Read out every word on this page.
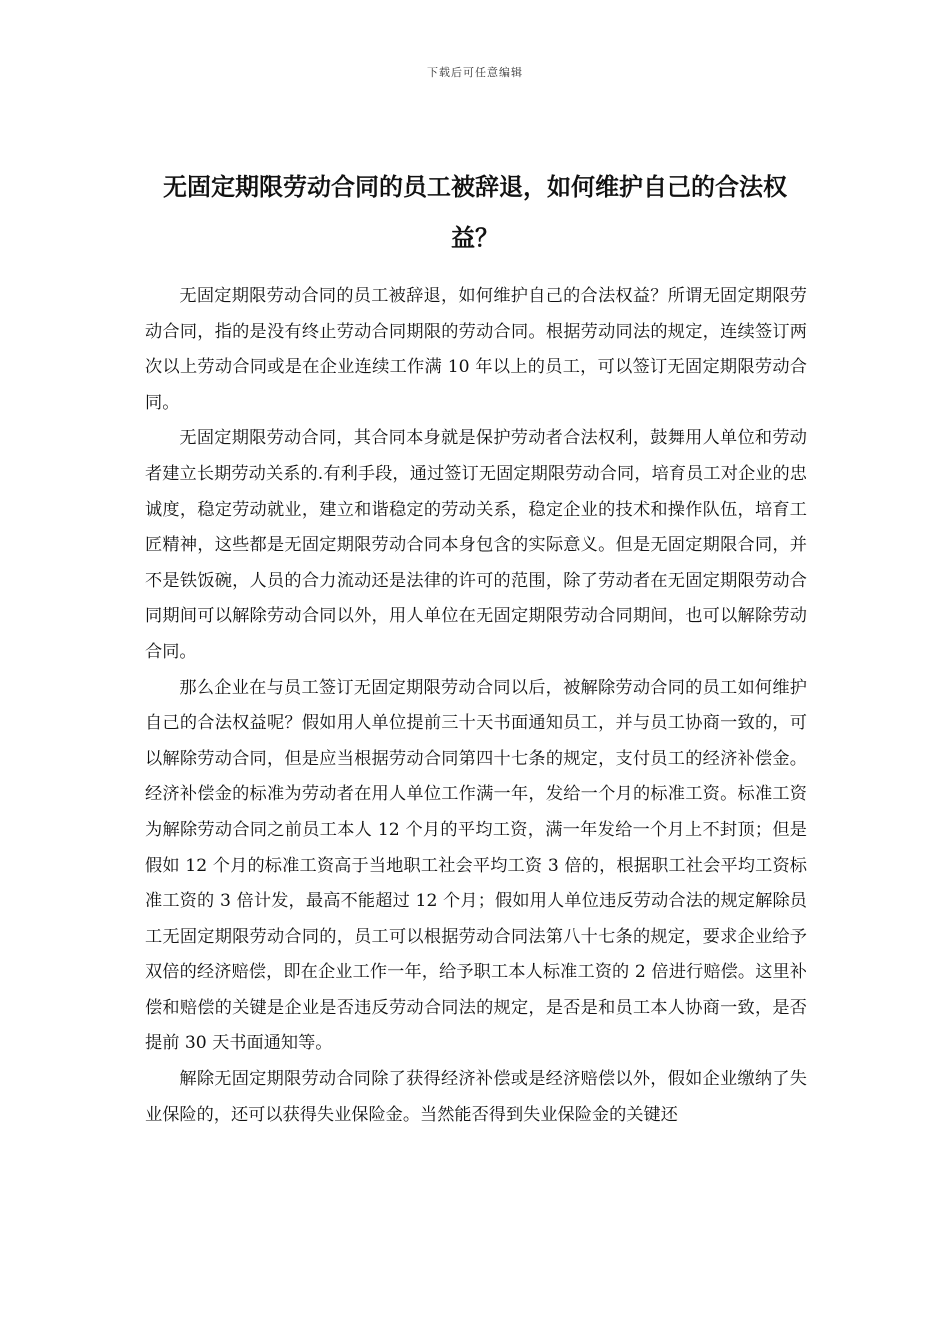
下载后可任意编辑
无固定期限劳动合同的员工被辞退，如何维护自己的合法权益？

无固定期限劳动合同的员工被辞退，如何维护自己的合法权益？所谓无固定期限劳动合同，指的是没有终止劳动合同期限的劳动合同。根据劳动同法的规定，连续签订两次以上劳动合同或是在企业连续工作满 10 年以上的员工，可以签订无固定期限劳动合同。

无固定期限劳动合同，其合同本身就是保护劳动者合法权利，鼓舞用人单位和劳动者建立长期劳动关系的.有利手段，通过签订无固定期限劳动合同，培育员工对企业的忠诚度，稳定劳动就业，建立和谐稳定的劳动关系，稳定企业的技术和操作队伍，培育工匠精神，这些都是无固定期限劳动合同本身包含的实际意义。但是无固定期限合同，并不是铁饭碗，人员的合力流动还是法律的许可的范围，除了劳动者在无固定期限劳动合同期间可以解除劳动合同以外，用人单位在无固定期限劳动合同期间，也可以解除劳动合同。

那么企业在与员工签订无固定期限劳动合同以后，被解除劳动合同的员工如何维护自己的合法权益呢？假如用人单位提前三十天书面通知员工，并与员工协商一致的，可以解除劳动合同，但是应当根据劳动合同第四十七条的规定，支付员工的经济补偿金。经济补偿金的标准为劳动者在用人单位工作满一年，发给一个月的标准工资。标准工资为解除劳动合同之前员工本人 12 个月的平均工资，满一年发给一个月上不封顶；但是假如 12 个月的标准工资高于当地职工社会平均工资 3 倍的，根据职工社会平均工资标准工资的 3 倍计发，最高不能超过 12 个月；假如用人单位违反劳动合法的规定解除员工无固定期限劳动合同的，员工可以根据劳动合同法第八十七条的规定，要求企业给予双倍的经济赔偿，即在企业工作一年，给予职工本人标准工资的 2 倍进行赔偿。这里补偿和赔偿的关键是企业是否违反劳动合同法的规定，是否是和员工本人协商一致，是否提前 30 天书面通知等。

解除无固定期限劳动合同除了获得经济补偿或是经济赔偿以外，假如企业缴纳了失业保险的，还可以获得失业保险金。当然能否得到失业保险金的关键还
